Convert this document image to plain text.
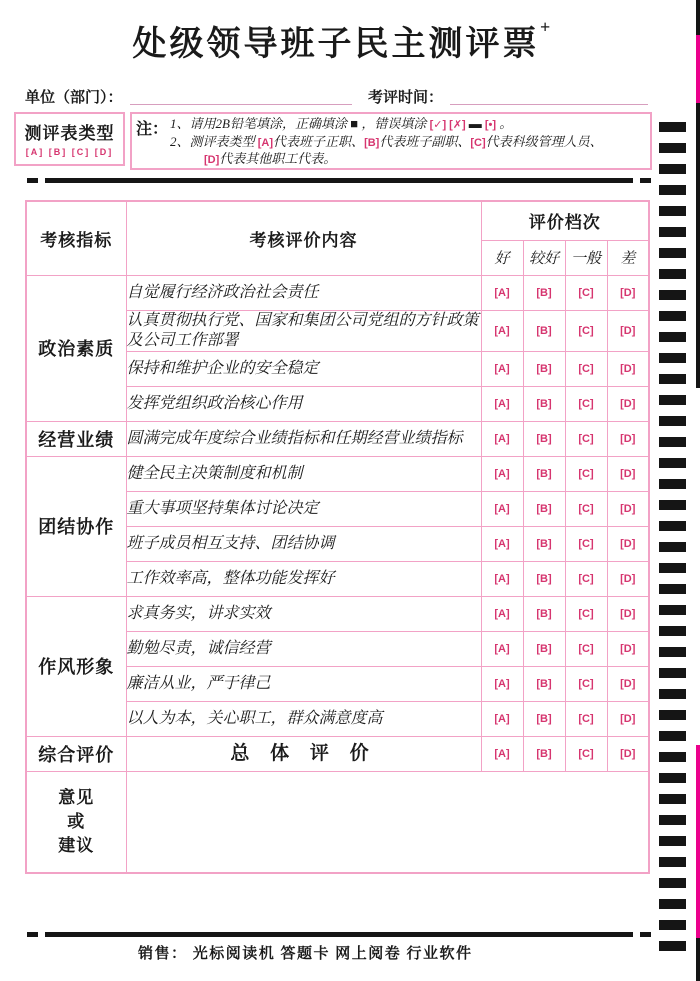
处级领导班子民主测评票 +
单位（部门）：	考评时间：
测评表类型
[A] [B] [C] [D]
注： 1、请用2B铅笔填涂，正确填涂 ■ ，错误填涂 [✓] [✗] ▬ [•] 。
2、测评表类型 [A]代表班子正职、[B]代表班子副职、[C]代表科级管理人员、
[D]代表其他职工代表。
考核指标	考核评价内容	评价档次			
		好	较好	一般	差
政治素质	自觉履行经济政治社会责任	[A]	[B]	[C]	[D]
	认真贯彻执行党、国家和集团公司党组的方针政策及公司工作部署	[A]	[B]	[C]	[D]
	保持和维护企业的安全稳定	[A]	[B]	[C]	[D]
	发挥党组织政治核心作用	[A]	[B]	[C]	[D]
经营业绩	圆满完成年度综合业绩指标和任期经营业绩指标	[A]	[B]	[C]	[D]
团结协作	健全民主决策制度和机制	[A]	[B]	[C]	[D]
	重大事项坚持集体讨论决定	[A]	[B]	[C]	[D]
	班子成员相互支持、团结协调	[A]	[B]	[C]	[D]
	工作效率高，整体功能发挥好	[A]	[B]	[C]	[D]
作风形象	求真务实，讲求实效	[A]	[B]	[C]	[D]
	勤勉尽责，诚信经营	[A]	[B]	[C]	[D]
	廉洁从业，严于律己	[A]	[B]	[C]	[D]
	以人为本，关心职工，群众满意度高	[A]	[B]	[C]	[D]
综合评价	总 体 评 价	[A]	[B]	[C]	[D]

意见
或
建议					

销售： 光标阅读机 答题卡 网上阅卷 行业软件
